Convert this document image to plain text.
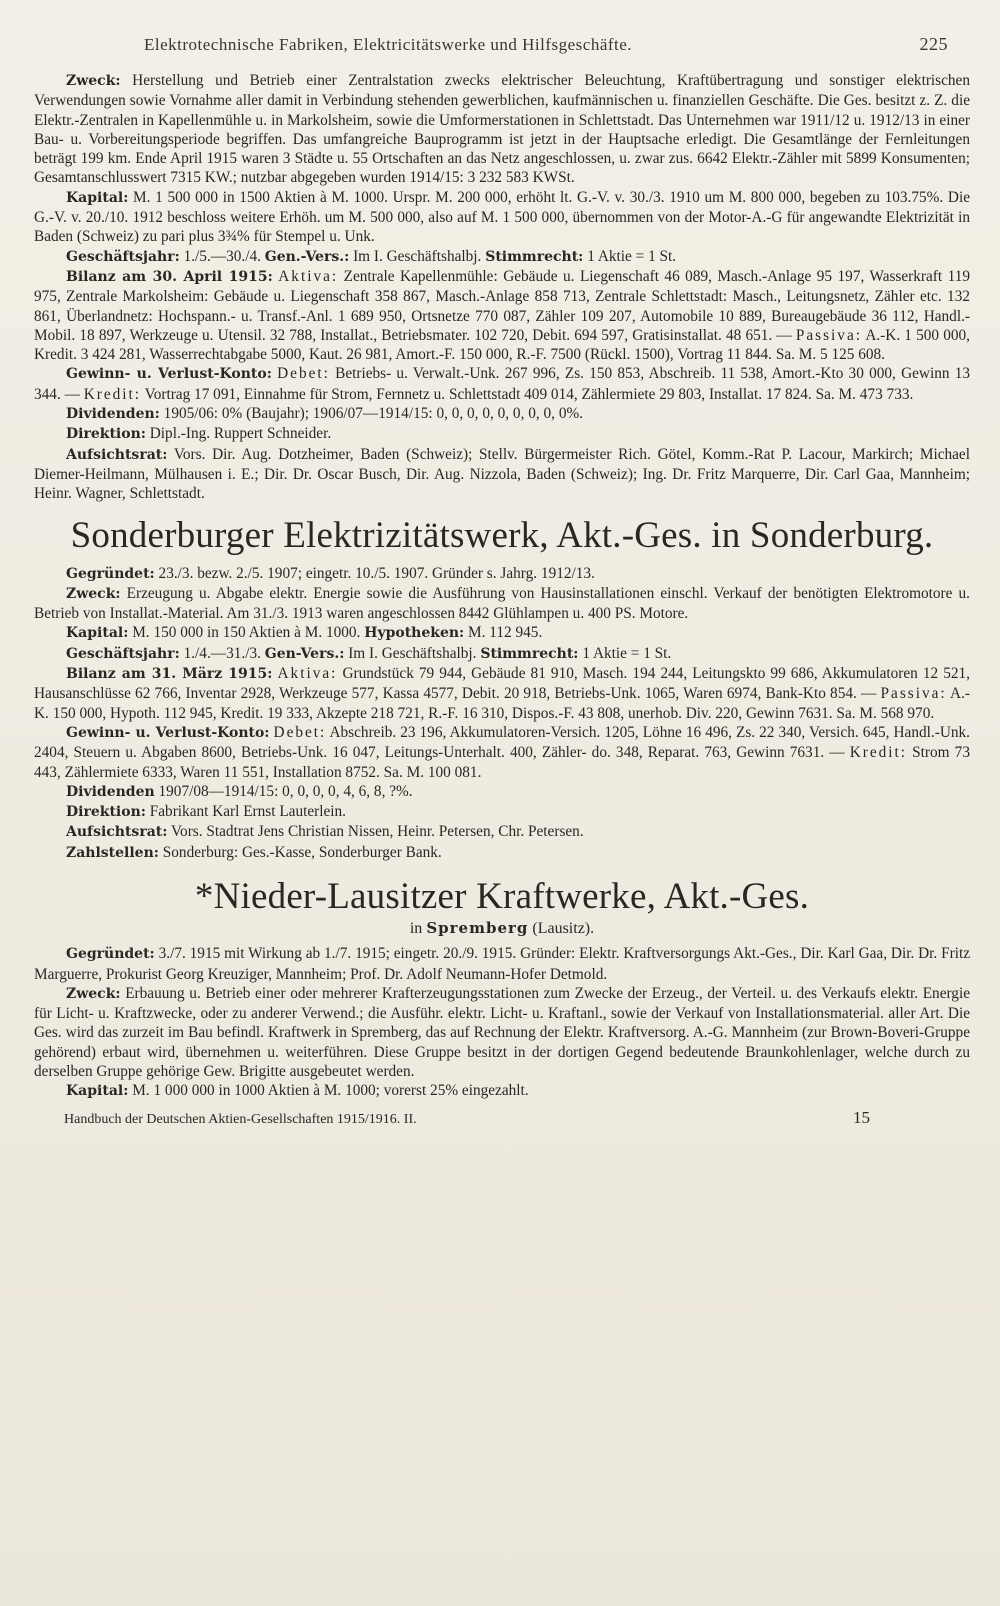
Elektrotechnische Fabriken, Elektricitätswerke und Hilfsgeschäfte.	225

Zweck: Herstellung und Betrieb einer Zentralstation zwecks elektrischer Beleuchtung, Kraftübertragung und sonstiger elektrischen Verwendungen sowie Vornahme aller damit in Verbindung stehenden gewerblichen, kaufmännischen u. finanziellen Geschäfte. Die Ges. besitzt z. Z. die Elektr.-Zentralen in Kapellenmühle u. in Markolsheim, sowie die Umformerstationen in Schlettstadt. Das Unternehmen war 1911/12 u. 1912/13 in einer Bau- u. Vorbereitungsperiode begriffen. Das umfangreiche Bauprogramm ist jetzt in der Hauptsache erledigt. Die Gesamtlänge der Fernleitungen beträgt 199 km. Ende April 1915 waren 3 Städte u. 55 Ortschaften an das Netz angeschlossen, u. zwar zus. 6642 Elektr.-Zähler mit 5899 Konsumenten; Gesamtanschlusswert 7315 KW.; nutzbar abgegeben wurden 1914/15: 3 232 583 KWSt.

Kapital: M. 1 500 000 in 1500 Aktien à M. 1000. Urspr. M. 200 000, erhöht lt. G.-V. v. 30./3. 1910 um M. 800 000, begeben zu 103.75%. Die G.-V. v. 20./10. 1912 beschloss weitere Erhöh. um M. 500 000, also auf M. 1 500 000, übernommen von der Motor-A.-G für angewandte Elektrizität in Baden (Schweiz) zu pari plus 3¾% für Stempel u. Unk.

Geschäftsjahr: 1./5.—30./4. Gen.-Vers.: Im I. Geschäftshalbj. Stimmrecht: 1 Aktie = 1 St.

Bilanz am 30. April 1915: Aktiva: Zentrale Kapellenmühle: Gebäude u. Liegenschaft 46 089, Masch.-Anlage 95 197, Wasserkraft 119 975, Zentrale Markolsheim: Gebäude u. Liegenschaft 358 867, Masch.-Anlage 858 713, Zentrale Schlettstadt: Masch., Leitungsnetz, Zähler etc. 132 861, Überlandnetz: Hochspann.- u. Transf.-Anl. 1 689 950, Ortsnetze 770 087, Zähler 109 207, Automobile 10 889, Bureaugebäude 36 112, Handl.-Mobil. 18 897, Werkzeuge u. Utensil. 32 788, Installat., Betriebsmater. 102 720, Debit. 694 597, Gratisinstallat. 48 651. — Passiva: A.-K. 1 500 000, Kredit. 3 424 281, Wasserrechtabgabe 5000, Kaut. 26 981, Amort.-F. 150 000, R.-F. 7500 (Rückl. 1500), Vortrag 11 844. Sa. M. 5 125 608.

Gewinn- u. Verlust-Konto: Debet: Betriebs- u. Verwalt.-Unk. 267 996, Zs. 150 853, Abschreib. 11 538, Amort.-Kto 30 000, Gewinn 13 344. — Kredit: Vortrag 17 091, Einnahme für Strom, Fernnetz u. Schlettstadt 409 014, Zählermiete 29 803, Installat. 17 824. Sa. M. 473 733.

Dividenden: 1905/06: 0% (Baujahr); 1906/07—1914/15: 0, 0, 0, 0, 0, 0, 0, 0, 0%.

Direktion: Dipl.-Ing. Ruppert Schneider.

Aufsichtsrat: Vors. Dir. Aug. Dotzheimer, Baden (Schweiz); Stellv. Bürgermeister Rich. Götel, Komm.-Rat P. Lacour, Markirch; Michael Diemer-Heilmann, Mülhausen i. E.; Dir. Dr. Oscar Busch, Dir. Aug. Nizzola, Baden (Schweiz); Ing. Dr. Fritz Marquerre, Dir. Carl Gaa, Mannheim; Heinr. Wagner, Schlettstadt.

Sonderburger Elektrizitätswerk, Akt.-Ges. in Sonderburg.

Gegründet: 23./3. bezw. 2./5. 1907; eingetr. 10./5. 1907. Gründer s. Jahrg. 1912/13.

Zweck: Erzeugung u. Abgabe elektr. Energie sowie die Ausführung von Hausinstallationen einschl. Verkauf der benötigten Elektromotore u. Betrieb von Installat.-Material. Am 31./3. 1913 waren angeschlossen 8442 Glühlampen u. 400 PS. Motore.

Kapital: M. 150 000 in 150 Aktien à M. 1000. Hypotheken: M. 112 945.

Geschäftsjahr: 1./4.—31./3. Gen-Vers.: Im I. Geschäftshalbj. Stimmrecht: 1 Aktie = 1 St.

Bilanz am 31. März 1915: Aktiva: Grundstück 79 944, Gebäude 81 910, Masch. 194 244, Leitungskto 99 686, Akkumulatoren 12 521, Hausanschlüsse 62 766, Inventar 2928, Werkzeuge 577, Kassa 4577, Debit. 20 918, Betriebs-Unk. 1065, Waren 6974, Bank-Kto 854. — Passiva: A.-K. 150 000, Hypoth. 112 945, Kredit. 19 333, Akzepte 218 721, R.-F. 16 310, Dispos.-F. 43 808, unerhob. Div. 220, Gewinn 7631. Sa. M. 568 970.

Gewinn- u. Verlust-Konto: Debet: Abschreib. 23 196, Akkumulatoren-Versich. 1205, Löhne 16 496, Zs. 22 340, Versich. 645, Handl.-Unk. 2404, Steuern u. Abgaben 8600, Betriebs-Unk. 16 047, Leitungs-Unterhalt. 400, Zähler- do. 348, Reparat. 763, Gewinn 7631. — Kredit: Strom 73 443, Zählermiete 6333, Waren 11 551, Installation 8752. Sa. M. 100 081.

Dividenden 1907/08—1914/15: 0, 0, 0, 0, 4, 6, 8, ?%.

Direktion: Fabrikant Karl Ernst Lauterlein.

Aufsichtsrat: Vors. Stadtrat Jens Christian Nissen, Heinr. Petersen, Chr. Petersen.

Zahlstellen: Sonderburg: Ges.-Kasse, Sonderburger Bank.

*Nieder-Lausitzer Kraftwerke, Akt.-Ges.
in Spremberg (Lausitz).

Gegründet: 3./7. 1915 mit Wirkung ab 1./7. 1915; eingetr. 20./9. 1915. Gründer: Elektr. Kraftversorgungs Akt.-Ges., Dir. Karl Gaa, Dir. Dr. Fritz Marguerre, Prokurist Georg Kreuziger, Mannheim; Prof. Dr. Adolf Neumann-Hofer Detmold.

Zweck: Erbauung u. Betrieb einer oder mehrerer Krafterzeugungsstationen zum Zwecke der Erzeug., der Verteil. u. des Verkaufs elektr. Energie für Licht- u. Kraftzwecke, oder zu anderer Verwend.; die Ausführ. elektr. Licht- u. Kraftanl., sowie der Verkauf von Installationsmaterial. aller Art. Die Ges. wird das zurzeit im Bau befindl. Kraftwerk in Spremberg, das auf Rechnung der Elektr. Kraftversorg. A.-G. Mannheim (zur Brown-Boveri-Gruppe gehörend) erbaut wird, übernehmen u. weiterführen. Diese Gruppe besitzt in der dortigen Gegend bedeutende Braunkohlenlager, welche durch zu derselben Gruppe gehörige Gew. Brigitte ausgebeutet werden.

Kapital: M. 1 000 000 in 1000 Aktien à M. 1000; vorerst 25% eingezahlt.

Handbuch der Deutschen Aktien-Gesellschaften 1915/1916. II.	15
